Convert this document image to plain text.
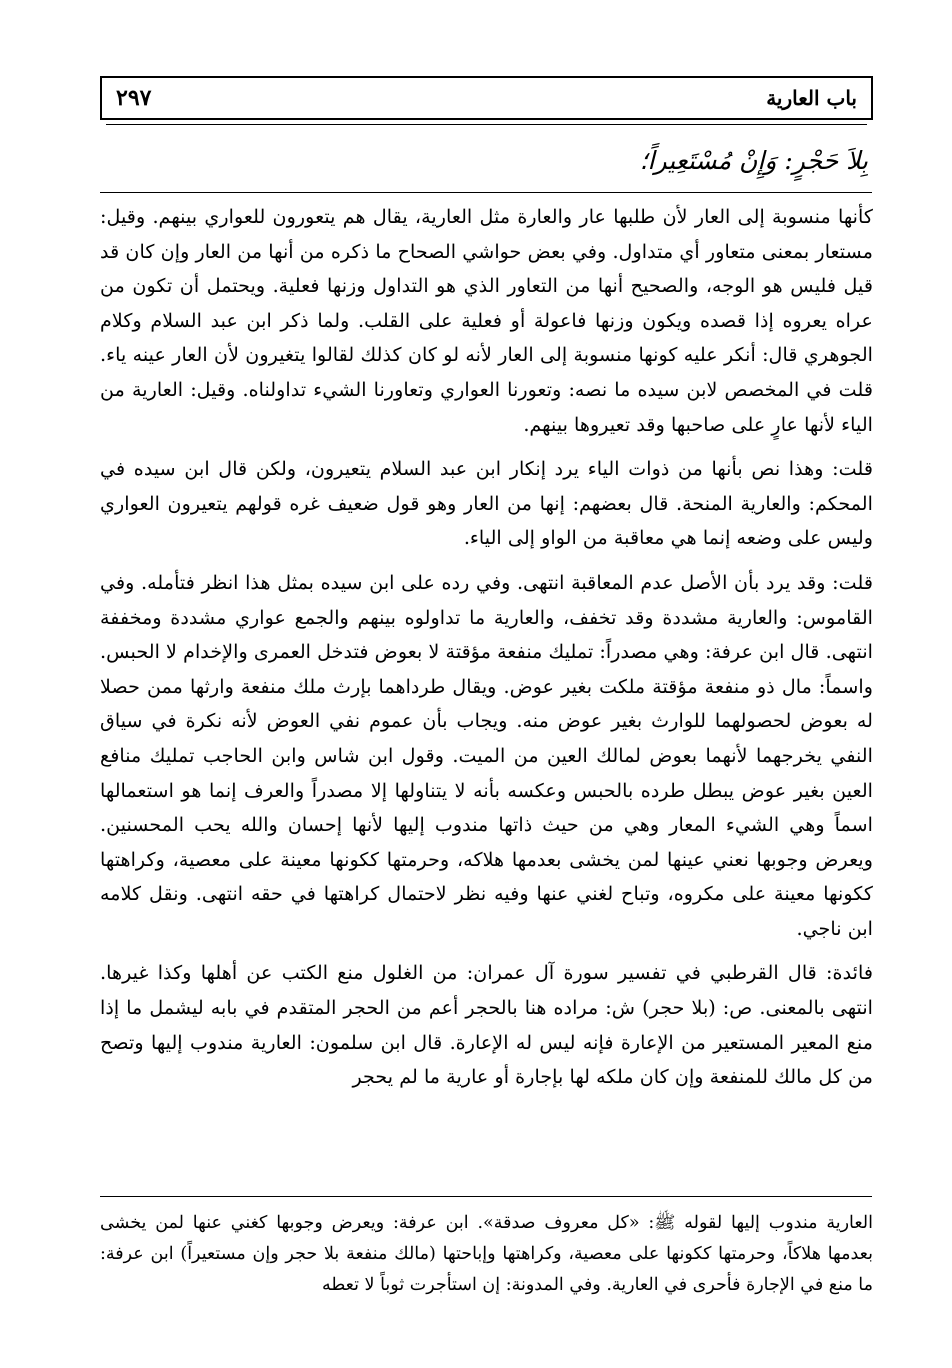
باب العارية
٢٩٧
بِلاَ حَجْرٍ: وَإِنْ مُسْتَعِيراً؛

كأنها منسوبة إلى العار لأن طلبها عار والعارة مثل العارية، يقال هم يتعورون للعواري بينهم. وقيل: مستعار بمعنى متعاور أي متداول. وفي بعض حواشي الصحاح ما ذكره من أنها من العار وإن كان قد قيل فليس هو الوجه، والصحيح أنها من التعاور الذي هو التداول وزنها فعلية. ويحتمل أن تكون من عراه يعروه إذا قصده ويكون وزنها فاعولة أو فعلية على القلب. ولما ذكر ابن عبد السلام وكلام الجوهري قال: أنكر عليه كونها منسوبة إلى العار لأنه لو كان كذلك لقالوا يتغيرون لأن العار عينه ياء. قلت في المخصص لابن سيده ما نصه: وتعورنا العواري وتعاورنا الشيء تداولناه. وقيل: العارية من الياء لأنها عارٍ على صاحبها وقد تعيروها بينهم.

قلت: وهذا نص بأنها من ذوات الياء يرد إنكار ابن عبد السلام يتعيرون، ولكن قال ابن سيده في المحكم: والعارية المنحة. قال بعضهم: إنها من العار وهو قول ضعيف غره قولهم يتعيرون العواري وليس على وضعه إنما هي معاقبة من الواو إلى الياء.

قلت: وقد يرد بأن الأصل عدم المعاقبة انتهى. وفي رده على ابن سيده بمثل هذا انظر فتأمله. وفي القاموس: والعارية مشددة وقد تخفف، والعارية ما تداولوه بينهم والجمع عواري مشددة ومخففة انتهى. قال ابن عرفة: وهي مصدراً: تمليك منفعة مؤقتة لا بعوض فتدخل العمرى والإخدام لا الحبس. واسماً: مال ذو منفعة مؤقتة ملكت بغير عوض. ويقال طرداهما بإرث ملك منفعة وارثها ممن حصلا له بعوض لحصولهما للوارث بغير عوض منه. ويجاب بأن عموم نفي العوض لأنه نكرة في سياق النفي يخرجهما لأنهما بعوض لمالك العين من الميت. وقول ابن شاس وابن الحاجب تمليك منافع العين بغير عوض يبطل طرده بالحبس وعكسه بأنه لا يتناولها إلا مصدراً والعرف إنما هو استعمالها اسماً وهي الشيء المعار وهي من حيث ذاتها مندوب إليها لأنها إحسان والله يحب المحسنين. ويعرض وجوبها نعني عينها لمن يخشى بعدمها هلاكه، وحرمتها ككونها معينة على معصية، وكراهتها ككونها معينة على مكروه، وتباح لغني عنها وفيه نظر لاحتمال كراهتها في حقه انتهى. ونقل كلامه ابن ناجي.

فائدة: قال القرطبي في تفسير سورة آل عمران: من الغلول منع الكتب عن أهلها وكذا غيرها. انتهى بالمعنى. ص: (بلا حجر) ش: مراده هنا بالحجر أعم من الحجر المتقدم في بابه ليشمل ما إذا منع المعير المستعير من الإعارة فإنه ليس له الإعارة. قال ابن سلمون: العارية مندوب إليها وتصح من كل مالك للمنفعة وإن كان ملكه لها بإجارة أو عارية ما لم يحجر

العارية مندوب إليها لقوله ﷺ: «كل معروف صدقة». ابن عرفة: ويعرض وجوبها كغني عنها لمن يخشى بعدمها هلاكاً، وحرمتها ككونها على معصية، وكراهتها وإباحتها (مالك منفعة بلا حجر وإن مستعيراً) ابن عرفة: ما منع في الإجارة فأحرى في العارية. وفي المدونة: إن استأجرت ثوباً لا تعطه
